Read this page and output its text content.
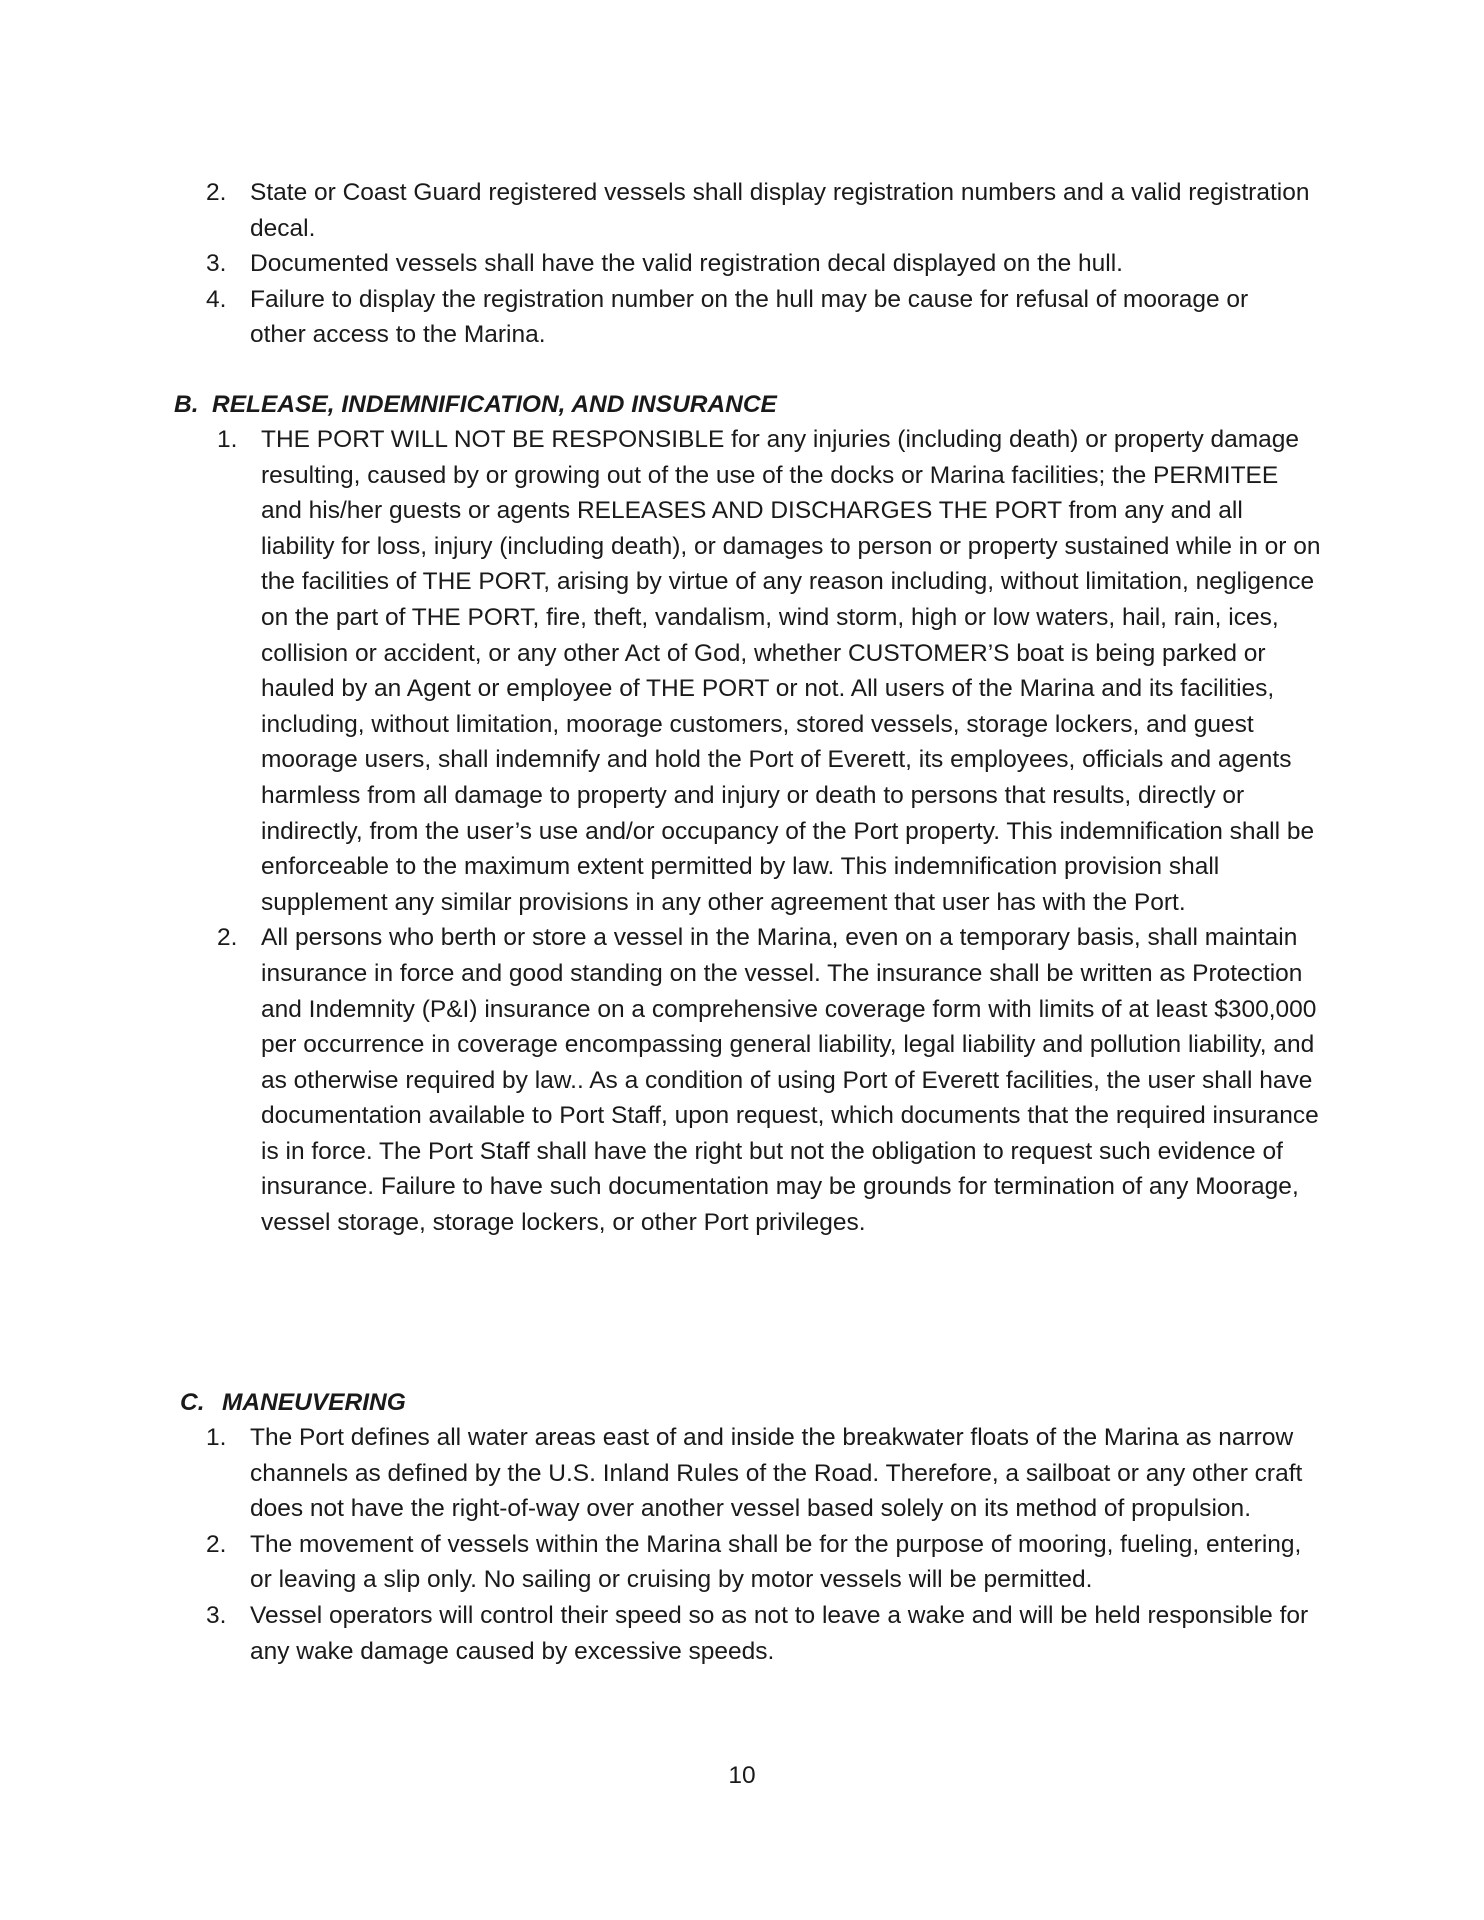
2. State or Coast Guard registered vessels shall display registration numbers and a valid registration decal.
3. Documented vessels shall have the valid registration decal displayed on the hull.
4. Failure to display the registration number on the hull may be cause for refusal of moorage or other access to the Marina.
B. RELEASE, INDEMNIFICATION, AND INSURANCE
1. THE PORT WILL NOT BE RESPONSIBLE for any injuries (including death) or property damage resulting, caused by or growing out of the use of the docks or Marina facilities; the PERMITEE and his/her guests or agents RELEASES AND DISCHARGES THE PORT from any and all liability for loss, injury (including death), or damages to person or property sustained while in or on the facilities of THE PORT, arising by virtue of any reason including, without limitation, negligence on the part of THE PORT, fire, theft, vandalism, wind storm, high or low waters, hail, rain, ices, collision or accident, or any other Act of God, whether CUSTOMER’S boat is being parked or hauled by an Agent or employee of THE PORT or not. All users of the Marina and its facilities, including, without limitation, moorage customers, stored vessels, storage lockers, and guest moorage users, shall indemnify and hold the Port of Everett, its employees, officials and agents harmless from all damage to property and injury or death to persons that results, directly or indirectly, from the user’s use and/or occupancy of the Port property. This indemnification shall be enforceable to the maximum extent permitted by law. This indemnification provision shall supplement any similar provisions in any other agreement that user has with the Port.
2. All persons who berth or store a vessel in the Marina, even on a temporary basis, shall maintain insurance in force and good standing on the vessel. The insurance shall be written as Protection and Indemnity (P&I) insurance on a comprehensive coverage form with limits of at least $300,000 per occurrence in coverage encompassing general liability, legal liability and pollution liability, and as otherwise required by law.. As a condition of using Port of Everett facilities, the user shall have documentation available to Port Staff, upon request, which documents that the required insurance is in force. The Port Staff shall have the right but not the obligation to request such evidence of insurance. Failure to have such documentation may be grounds for termination of any Moorage, vessel storage, storage lockers, or other Port privileges.
C. MANEUVERING
1. The Port defines all water areas east of and inside the breakwater floats of the Marina as narrow channels as defined by the U.S. Inland Rules of the Road. Therefore, a sailboat or any other craft does not have the right-of-way over another vessel based solely on its method of propulsion.
2. The movement of vessels within the Marina shall be for the purpose of mooring, fueling, entering, or leaving a slip only. No sailing or cruising by motor vessels will be permitted.
3. Vessel operators will control their speed so as not to leave a wake and will be held responsible for any wake damage caused by excessive speeds.
10
